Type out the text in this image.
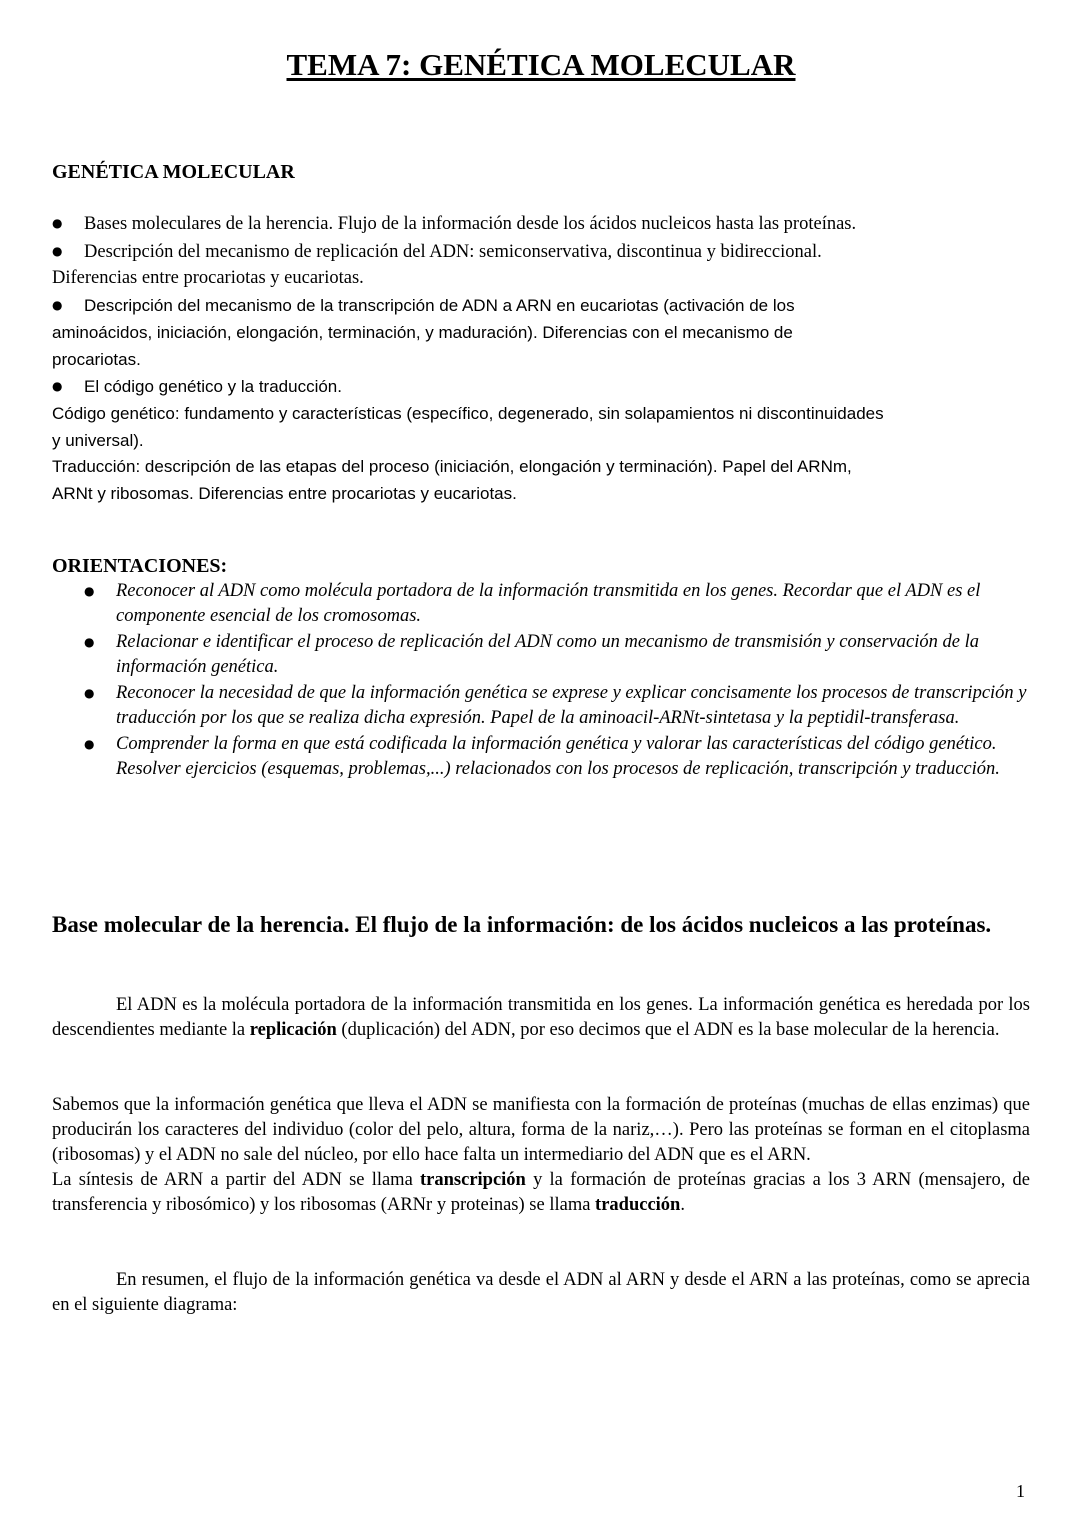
TEMA 7: GENÉTICA MOLECULAR
GENÉTICA MOLECULAR
● Bases moleculares de la herencia. Flujo de la información desde los ácidos nucleicos hasta las proteínas.
● Descripción del mecanismo de replicación del ADN: semiconservativa, discontinua y bidireccional.
Diferencias entre procariotas y eucariotas.
● Descripción del mecanismo de la transcripción de ADN a ARN en eucariotas (activación de los
aminoácidos, iniciación, elongación, terminación, y maduración). Diferencias con el mecanismo de
procariotas.
● El código genético y la traducción.
Código genético: fundamento y características (específico, degenerado, sin solapamientos ni discontinuidades
y universal).
Traducción: descripción de las etapas del proceso (iniciación, elongación y terminación). Papel del ARNm,
ARNt y ribosomas. Diferencias entre procariotas y eucariotas.
ORIENTACIONES:
● Reconocer al ADN como molécula portadora de la información transmitida en los genes. Recordar que el ADN es el componente esencial de los cromosomas.
● Relacionar e identificar el proceso de replicación del ADN como un mecanismo de transmisión y conservación de la información genética.
● Reconocer la necesidad de que la información genética se exprese y explicar concisamente los procesos de transcripción y traducción por los que se realiza dicha expresión. Papel de la aminoacil-ARNt-sintetasa y la peptidil-transferasa.
● Comprender la forma en que está codificada la información genética y valorar las características del código genético. Resolver ejercicios (esquemas, problemas,...) relacionados con los procesos de replicación, transcripción y traducción.
Base molecular de la herencia. El flujo de la información: de los ácidos nucleicos a las proteínas.

El ADN es la molécula portadora de la información transmitida en los genes. La información genética es heredada por los descendientes mediante la replicación (duplicación) del ADN, por eso decimos que el ADN es la base molecular de la herencia.

Sabemos que la información genética que lleva el ADN se manifiesta con la formación de proteínas (muchas de ellas enzimas) que producirán los caracteres del individuo (color del pelo, altura, forma de la nariz,…). Pero las proteínas se forman en el citoplasma (ribosomas) y el ADN no sale del núcleo, por ello hace falta un intermediario del ADN que es el ARN.
La síntesis de ARN a partir del ADN se llama transcripción y la formación de proteínas gracias a los 3 ARN (mensajero, de transferencia y ribosómico) y los ribosomas (ARNr y proteinas) se llama traducción.

En resumen, el flujo de la información genética va desde el ADN al ARN y desde el ARN a las proteínas, como se aprecia en el siguiente diagrama:

1
